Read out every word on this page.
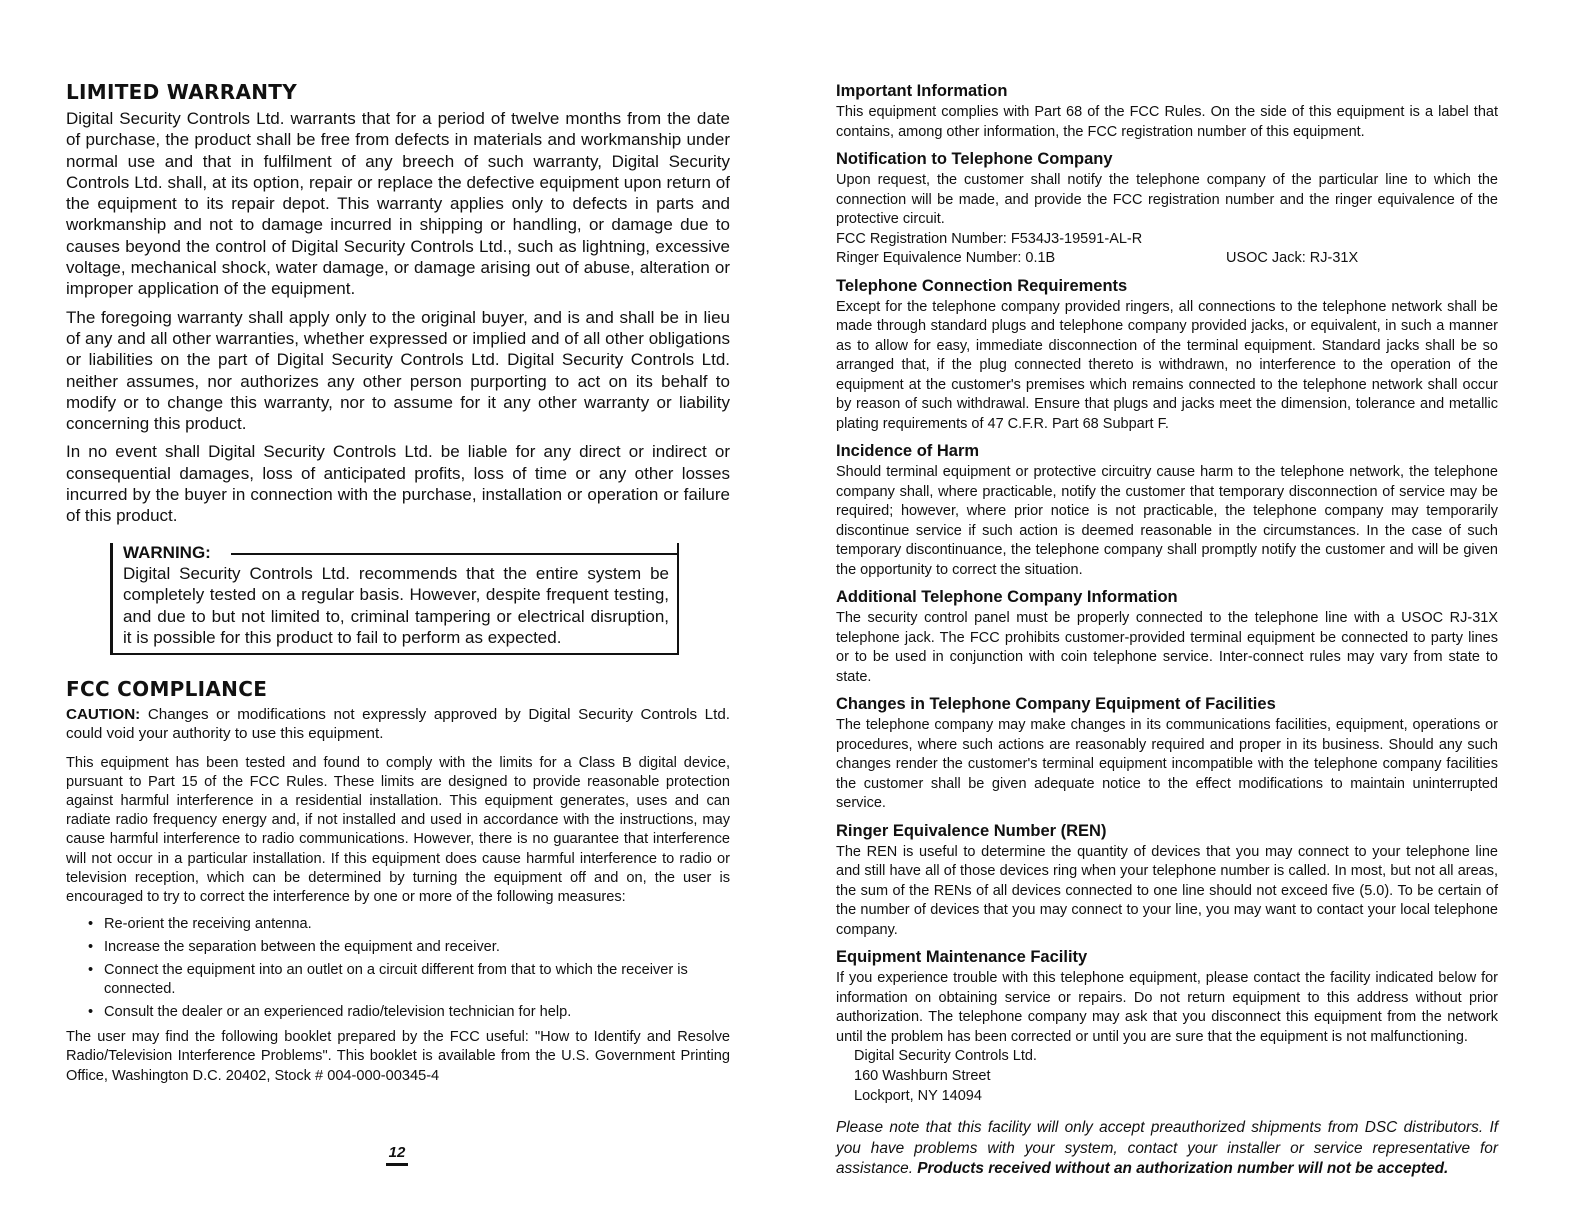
LIMITED WARRANTY

Digital Security Controls Ltd. warrants that for a period of twelve months from the date of purchase, the product shall be free from defects in materials and workmanship under normal use and that in fulfilment of any breech of such warranty, Digital Security Controls Ltd. shall, at its option, repair or replace the defective equipment upon return of the equipment to its repair depot. This warranty applies only to defects in parts and workmanship and not to damage incurred in shipping or handling, or damage due to causes beyond the control of Digital Security Controls Ltd., such as lightning, excessive voltage, mechanical shock, water damage, or damage arising out of abuse, alteration or improper application of the equipment.

The foregoing warranty shall apply only to the original buyer, and is and shall be in lieu of any and all other warranties, whether expressed or implied and of all other obligations or liabilities on the part of Digital Security Controls Ltd. Digital Security Controls Ltd. neither assumes, nor authorizes any other person purporting to act on its behalf to modify or to change this warranty, nor to assume for it any other warranty or liability concerning this product.

In no event shall Digital Security Controls Ltd. be liable for any direct or indirect or consequential damages, loss of anticipated profits, loss of time or any other losses incurred by the buyer in connection with the purchase, installation or operation or failure of this product.

WARNING:

Digital Security Controls Ltd. recommends that the entire system be completely tested on a regular basis. However, despite frequent testing, and due to but not limited to, criminal tampering or electrical disruption, it is possible for this product to fail to perform as expected.

FCC COMPLIANCE

CAUTION: Changes or modifications not expressly approved by Digital Security Controls Ltd. could void your authority to use this equipment.

This equipment has been tested and found to comply with the limits for a Class B digital device, pursuant to Part 15 of the FCC Rules. These limits are designed to provide reasonable protection against harmful interference in a residential installation. This equipment generates, uses and can radiate radio frequency energy and, if not installed and used in accordance with the instructions, may cause harmful interference to radio communications. However, there is no guarantee that interference will not occur in a particular installation. If this equipment does cause harmful interference to radio or television reception, which can be determined by turning the equipment off and on, the user is encouraged to try to correct the interference by one or more of the following measures:

• Re-orient the receiving antenna.
• Increase the separation between the equipment and receiver.
• Connect the equipment into an outlet on a circuit different from that to which the receiver is connected.
• Consult the dealer or an experienced radio/television technician for help.

The user may find the following booklet prepared by the FCC useful: "How to Identify and Resolve Radio/Television Interference Problems". This booklet is available from the U.S. Government Printing Office, Washington D.C. 20402, Stock # 004-000-00345-4

12
Important Information

This equipment complies with Part 68 of the FCC Rules. On the side of this equipment is a label that contains, among other information, the FCC registration number of this equipment.

Notification to Telephone Company

Upon request, the customer shall notify the telephone company of the particular line to which the connection will be made, and provide the FCC registration number and the ringer equivalence of the protective circuit.

FCC Registration Number: F534J3-19591-AL-R
Ringer Equivalence Number: 0.1B	USOC Jack: RJ-31X
Telephone Connection Requirements

Except for the telephone company provided ringers, all connections to the telephone network shall be made through standard plugs and telephone company provided jacks, or equivalent, in such a manner as to allow for easy, immediate disconnection of the terminal equipment. Standard jacks shall be so arranged that, if the plug connected thereto is withdrawn, no interference to the operation of the equipment at the customer's premises which remains connected to the telephone network shall occur by reason of such withdrawal. Ensure that plugs and jacks meet the dimension, tolerance and metallic plating requirements of 47 C.F.R. Part 68 Subpart F.

Incidence of Harm

Should terminal equipment or protective circuitry cause harm to the telephone network, the telephone company shall, where practicable, notify the customer that temporary disconnection of service may be required; however, where prior notice is not practicable, the telephone company may temporarily discontinue service if such action is deemed reasonable in the circumstances. In the case of such temporary discontinuance, the telephone company shall promptly notify the customer and will be given the opportunity to correct the situation.

Additional Telephone Company Information

The security control panel must be properly connected to the telephone line with a USOC RJ-31X telephone jack. The FCC prohibits customer-provided terminal equipment be connected to party lines or to be used in conjunction with coin telephone service. Inter-connect rules may vary from state to state.

Changes in Telephone Company Equipment of Facilities

The telephone company may make changes in its communications facilities, equipment, operations or procedures, where such actions are reasonably required and proper in its business. Should any such changes render the customer's terminal equipment incompatible with the telephone company facilities the customer shall be given adequate notice to the effect modifications to maintain uninterrupted service.

Ringer Equivalence Number (REN)

The REN is useful to determine the quantity of devices that you may connect to your telephone line and still have all of those devices ring when your telephone number is called. In most, but not all areas, the sum of the RENs of all devices connected to one line should not exceed five (5.0). To be certain of the number of devices that you may connect to your line, you may want to contact your local telephone company.

Equipment Maintenance Facility

If you experience trouble with this telephone equipment, please contact the facility indicated below for information on obtaining service or repairs. Do not return equipment to this address without prior authorization. The telephone company may ask that you disconnect this equipment from the network until the problem has been corrected or until you are sure that the equipment is not malfunctioning.

Digital Security Controls Ltd.
160 Washburn Street
Lockport, NY 14094

Please note that this facility will only accept preauthorized shipments from DSC distributors. If you have problems with your system, contact your installer or service representative for assistance. Products received without an authorization number will not be accepted.
